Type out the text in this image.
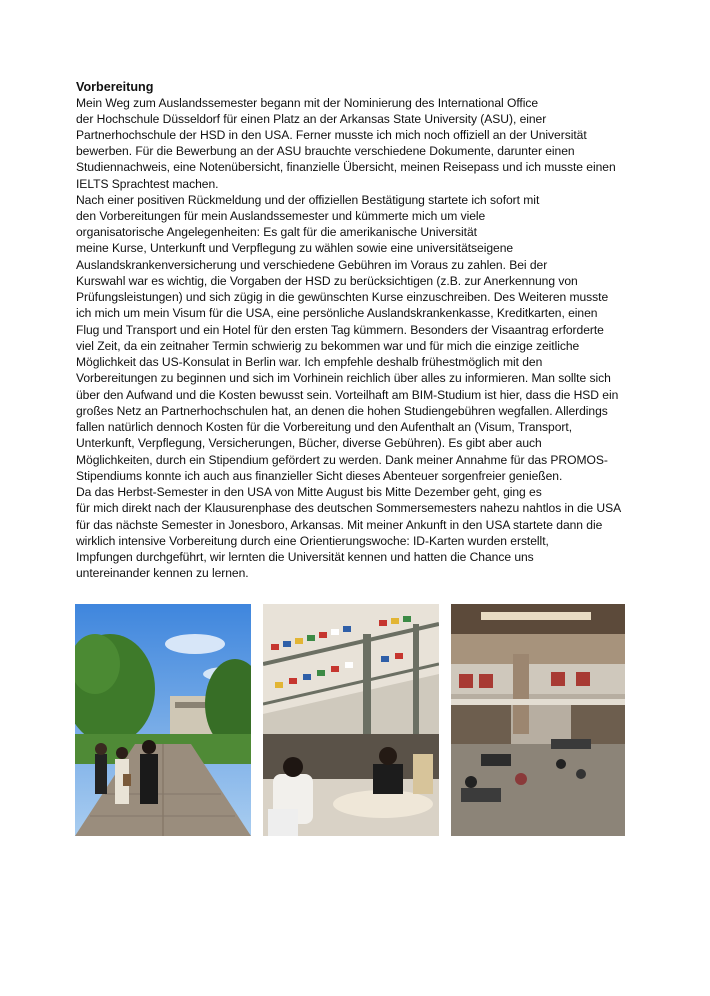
Vorbereitung
Mein Weg zum Auslandssemester begann mit der Nominierung des International Office
der Hochschule Düsseldorf für einen Platz an der Arkansas State University (ASU), einer
Partnerhochschule der HSD in den USA. Ferner musste ich mich noch offiziell an der Universität
bewerben. Für die Bewerbung an der ASU brauchte verschiedene Dokumente, darunter einen
Studiennachweis, eine Notenübersicht, finanzielle Übersicht, meinen Reisepass und ich musste einen
IELTS Sprachtest machen.
Nach einer positiven Rückmeldung und der offiziellen Bestätigung startete ich sofort mit
den Vorbereitungen für mein Auslandssemester und kümmerte mich um viele
organisatorische Angelegenheiten: Es galt für die amerikanische Universität
meine Kurse, Unterkunft und Verpflegung zu wählen sowie eine universitätseigene
Auslandskrankenversicherung und verschiedene Gebühren im Voraus zu zahlen. Bei der
Kurswahl war es wichtig, die Vorgaben der HSD zu berücksichtigen (z.B. zur Anerkennung von
Prüfungsleistungen) und sich zügig in die gewünschten Kurse einzuschreiben. Des Weiteren musste
ich mich um mein Visum für die USA, eine persönliche Auslandskrankenkasse, Kreditkarten, einen
Flug und Transport und ein Hotel für den ersten Tag kümmern. Besonders der Visaantrag erforderte
viel Zeit, da ein zeitnaher Termin schwierig zu bekommen war und für mich die einzige zeitliche
Möglichkeit das US-Konsulat in Berlin war. Ich empfehle deshalb frühestmöglich mit den
Vorbereitungen zu beginnen und sich im Vorhinein reichlich über alles zu informieren. Man sollte sich
über den Aufwand und die Kosten bewusst sein. Vorteilhaft am BIM-Studium ist hier, dass die HSD ein
großes Netz an Partnerhochschulen hat, an denen die hohen Studiengebühren wegfallen. Allerdings
fallen natürlich dennoch Kosten für die Vorbereitung und den Aufenthalt an (Visum, Transport,
Unterkunft, Verpflegung, Versicherungen, Bücher, diverse Gebühren). Es gibt aber auch
Möglichkeiten, durch ein Stipendium gefördert zu werden. Dank meiner Annahme für das PROMOS-
Stipendiums konnte ich auch aus finanzieller Sicht dieses Abenteuer sorgenfreier genießen.
Da das Herbst-Semester in den USA von Mitte August bis Mitte Dezember geht, ging es
für mich direkt nach der Klausurenphase des deutschen Sommersemesters nahezu nahtlos in die USA
für das nächste Semester in Jonesboro, Arkansas. Mit meiner Ankunft in den USA startete dann die
wirklich intensive Vorbereitung durch eine Orientierungswoche: ID-Karten wurden erstellt,
Impfungen durchgeführt, wir lernten die Universität kennen und hatten die Chance uns
untereinander kennen zu lernen.
